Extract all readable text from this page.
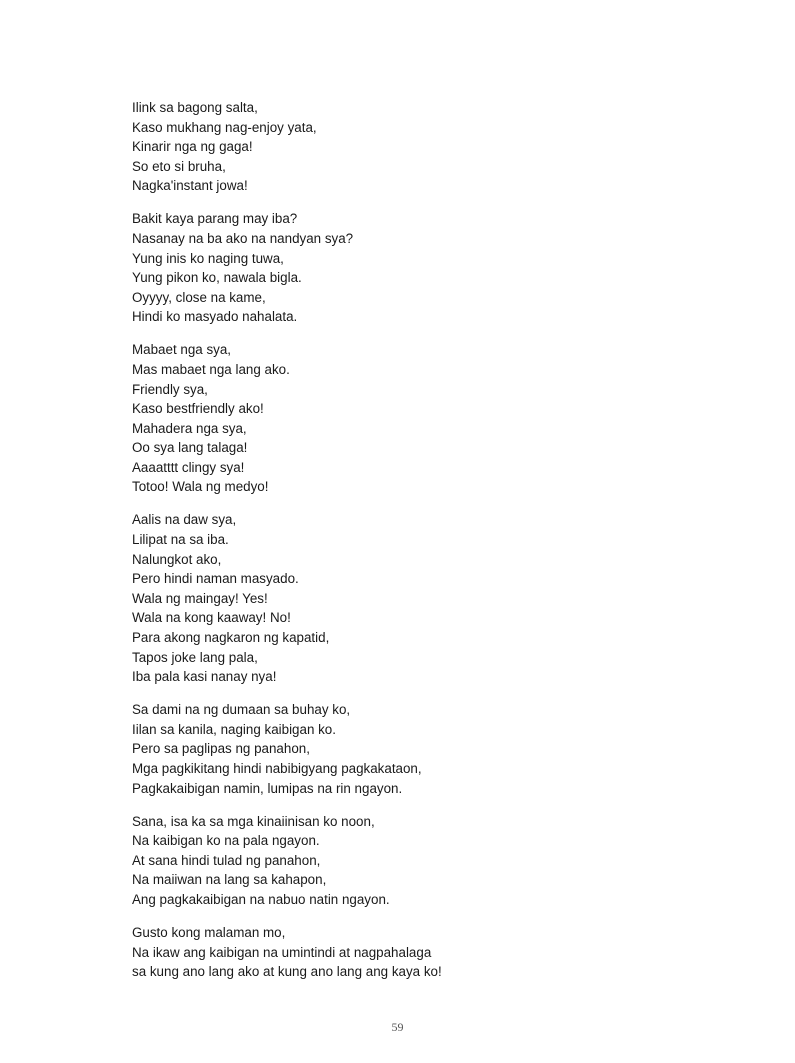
Ilink sa bagong salta,
Kaso mukhang nag-enjoy yata,
Kinarir nga ng gaga!
So eto si bruha,
Nagka'instant jowa!
Bakit kaya parang may iba?
Nasanay na ba ako na nandyan sya?
Yung inis ko naging tuwa,
Yung pikon ko, nawala bigla.
Oyyyy, close na kame,
Hindi ko masyado nahalata.
Mabaet nga sya,
Mas mabaet nga lang ako.
Friendly sya,
Kaso bestfriendly ako!
Mahadera nga sya,
Oo sya lang talaga!
Aaaatttt clingy sya!
Totoo! Wala ng medyo!
Aalis na daw sya,
Lilipat na sa iba.
Nalungkot ako,
Pero hindi naman masyado.
Wala ng maingay! Yes!
Wala na kong kaaway! No!
Para akong nagkaron ng kapatid,
Tapos joke lang pala,
Iba pala kasi nanay nya!
Sa dami na ng dumaan sa buhay ko,
Iilan sa kanila, naging kaibigan ko.
Pero sa paglipas ng panahon,
Mga pagkikitang hindi nabibigyang pagkakataon,
Pagkakaibigan namin, lumipas na rin ngayon.
Sana, isa ka sa mga kinaiinisan ko noon,
Na kaibigan ko na pala ngayon.
At sana hindi tulad ng panahon,
Na maiiwan na lang sa kahapon,
Ang pagkakaibigan na nabuo natin ngayon.
Gusto kong malaman mo,
Na ikaw ang kaibigan na umintindi at nagpahalaga
sa kung ano lang ako at kung ano lang ang kaya ko!
59
